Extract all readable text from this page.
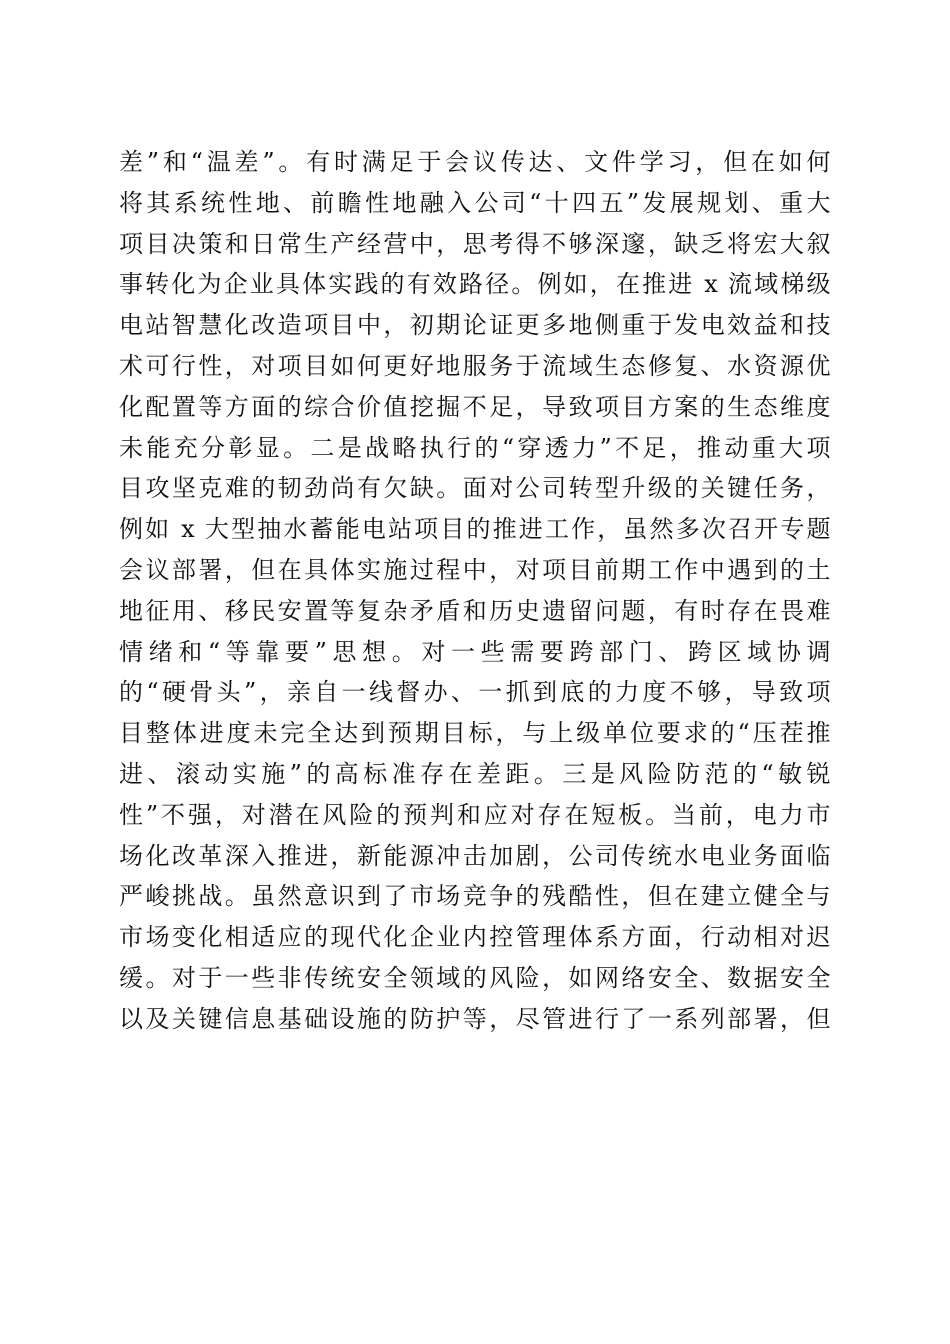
差”和“温差”。有时满足于会议传达、文件学习，但在如何
将其系统性地、前瞻性地融入公司“十四五”发展规划、重大
项目决策和日常生产经营中，思考得不够深邃，缺乏将宏大叙
事转化为企业具体实践的有效路径。例如，在推进 x 流域梯级
电站智慧化改造项目中，初期论证更多地侧重于发电效益和技
术可行性，对项目如何更好地服务于流域生态修复、水资源优
化配置等方面的综合价值挖掘不足，导致项目方案的生态维度
未能充分彰显。二是战略执行的“穿透力”不足，推动重大项
目攻坚克难的韧劲尚有欠缺。面对公司转型升级的关键任务，
例如 x 大型抽水蓄能电站项目的推进工作，虽然多次召开专题
会议部署，但在具体实施过程中，对项目前期工作中遇到的土
地征用、移民安置等复杂矛盾和历史遗留问题，有时存在畏难
情绪和“等靠要”思想。对一些需要跨部门、跨区域协调
的“硬骨头”，亲自一线督办、一抓到底的力度不够，导致项
目整体进度未完全达到预期目标，与上级单位要求的“压茬推
进、滚动实施”的高标准存在差距。三是风险防范的“敏锐
性”不强，对潜在风险的预判和应对存在短板。当前，电力市
场化改革深入推进，新能源冲击加剧，公司传统水电业务面临
严峻挑战。虽然意识到了市场竞争的残酷性，但在建立健全与
市场变化相适应的现代化企业内控管理体系方面，行动相对迟
缓。对于一些非传统安全领域的风险，如网络安全、数据安全
以及关键信息基础设施的防护等，尽管进行了一系列部署，但
